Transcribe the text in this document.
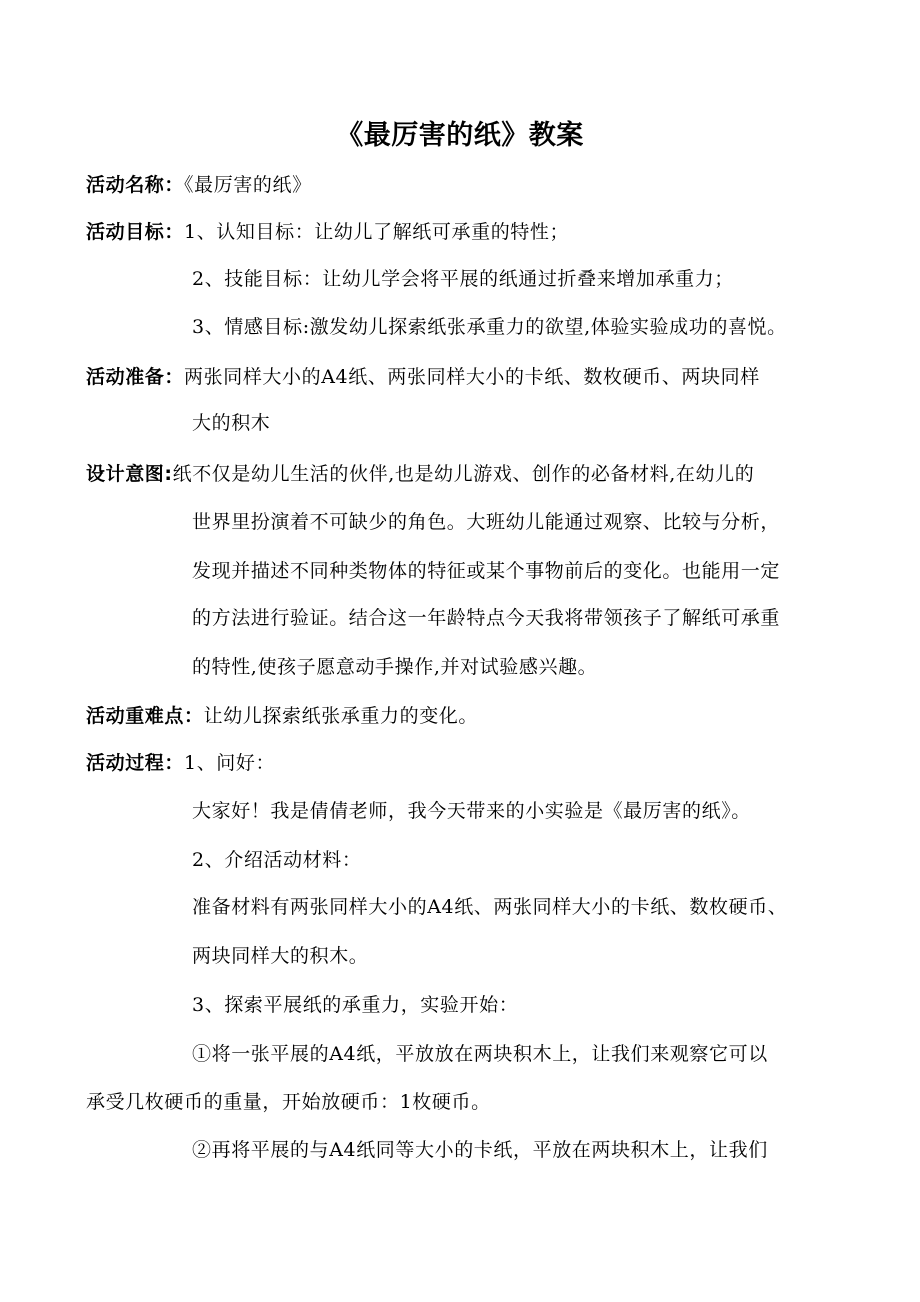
《最厉害的纸》教案
活动名称：《最厉害的纸》
活动目标：1、认知目标：让幼儿了解纸可承重的特性；
2、技能目标：让幼儿学会将平展的纸通过折叠来增加承重力；
3、情感目标:激发幼儿探索纸张承重力的欲望,体验实验成功的喜悦。
活动准备：两张同样大小的A4纸、两张同样大小的卡纸、数枚硬币、两块同样
大的积木
设计意图:纸不仅是幼儿生活的伙伴,也是幼儿游戏、创作的必备材料,在幼儿的
世界里扮演着不可缺少的角色。大班幼儿能通过观察、比较与分析，
发现并描述不同种类物体的特征或某个事物前后的变化。也能用一定
的方法进行验证。结合这一年龄特点今天我将带领孩子了解纸可承重
的特性,使孩子愿意动手操作,并对试验感兴趣。
活动重难点：让幼儿探索纸张承重力的变化。
活动过程：1、问好：
大家好！我是倩倩老师，我今天带来的小实验是《最厉害的纸》。
2、介绍活动材料：
准备材料有两张同样大小的A4纸、两张同样大小的卡纸、数枚硬币、
两块同样大的积木。
3、探索平展纸的承重力，实验开始：
①将一张平展的A4纸，平放放在两块积木上，让我们来观察它可以
承受几枚硬币的重量，开始放硬币：1枚硬币。
②再将平展的与A4纸同等大小的卡纸，平放在两块积木上，让我们
